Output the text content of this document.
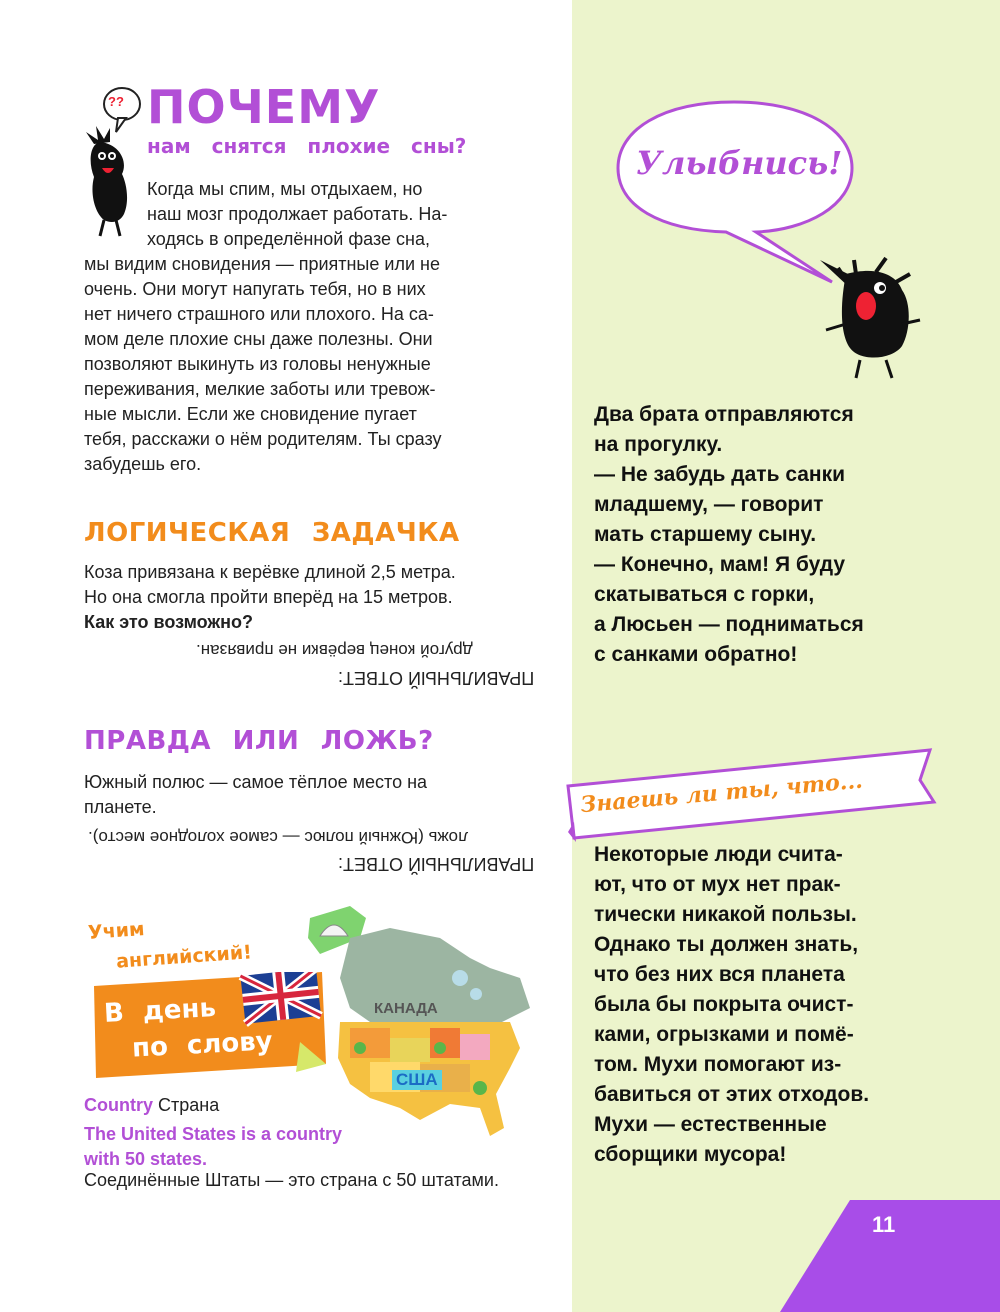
11
?? ПОЧЕМУ
нам снятся плохие сны?
Когда мы спим, мы отдыхаем, но
наш мозг продолжает работать. На-
ходясь в определённой фазе сна,
мы видим сновидения — приятные или не
очень. Они могут напугать тебя, но в них
нет ничего страшного или плохого. На са-
мом деле плохие сны даже полезны. Они
позволяют выкинуть из головы ненужные
переживания, мелкие заботы или тревож-
ные мысли. Если же сновидение пугает
тебя, расскажи о нём родителям. Ты сразу
забудешь его.
ЛОГИЧЕСКАЯ ЗАДАЧКА
Коза привязана к верёвке длиной 2,5 метра.
Но она смогла пройти вперёд на 15 метров.
Как это возможно?
другой конец верёвки не привязан.
ПРАВИЛЬНЫЙ ОТВЕТ:
ПРАВДА ИЛИ ЛОЖЬ?
Южный полюс — самое тёплое место на
планете.
ложь (Южный полюс — самое холодное место).
ПРАВИЛЬНЫЙ ОТВЕТ:
Учим
английский!
КАНАДА
США
В день
по слову
Country Страна
The United States is a country
with 50 states.
Соединённые Штаты — это страна с 50 штатами.
Улыбнись!
Два брата отправляются
на прогулку.
— Не забудь дать санки
младшему, — говорит
мать старшему сыну.
— Конечно, мам! Я буду
скатываться с горки,
а Люсьен — подниматься
с санками обратно!
Знаешь ли ты, что...
Некоторые люди счита-
ют, что от мух нет прак-
тически никакой пользы.
Однако ты должен знать,
что без них вся планета
была бы покрыта очист-
ками, огрызками и помё-
том. Мухи помогают из-
бавиться от этих отходов.
Мухи — естественные
сборщики мусора!
